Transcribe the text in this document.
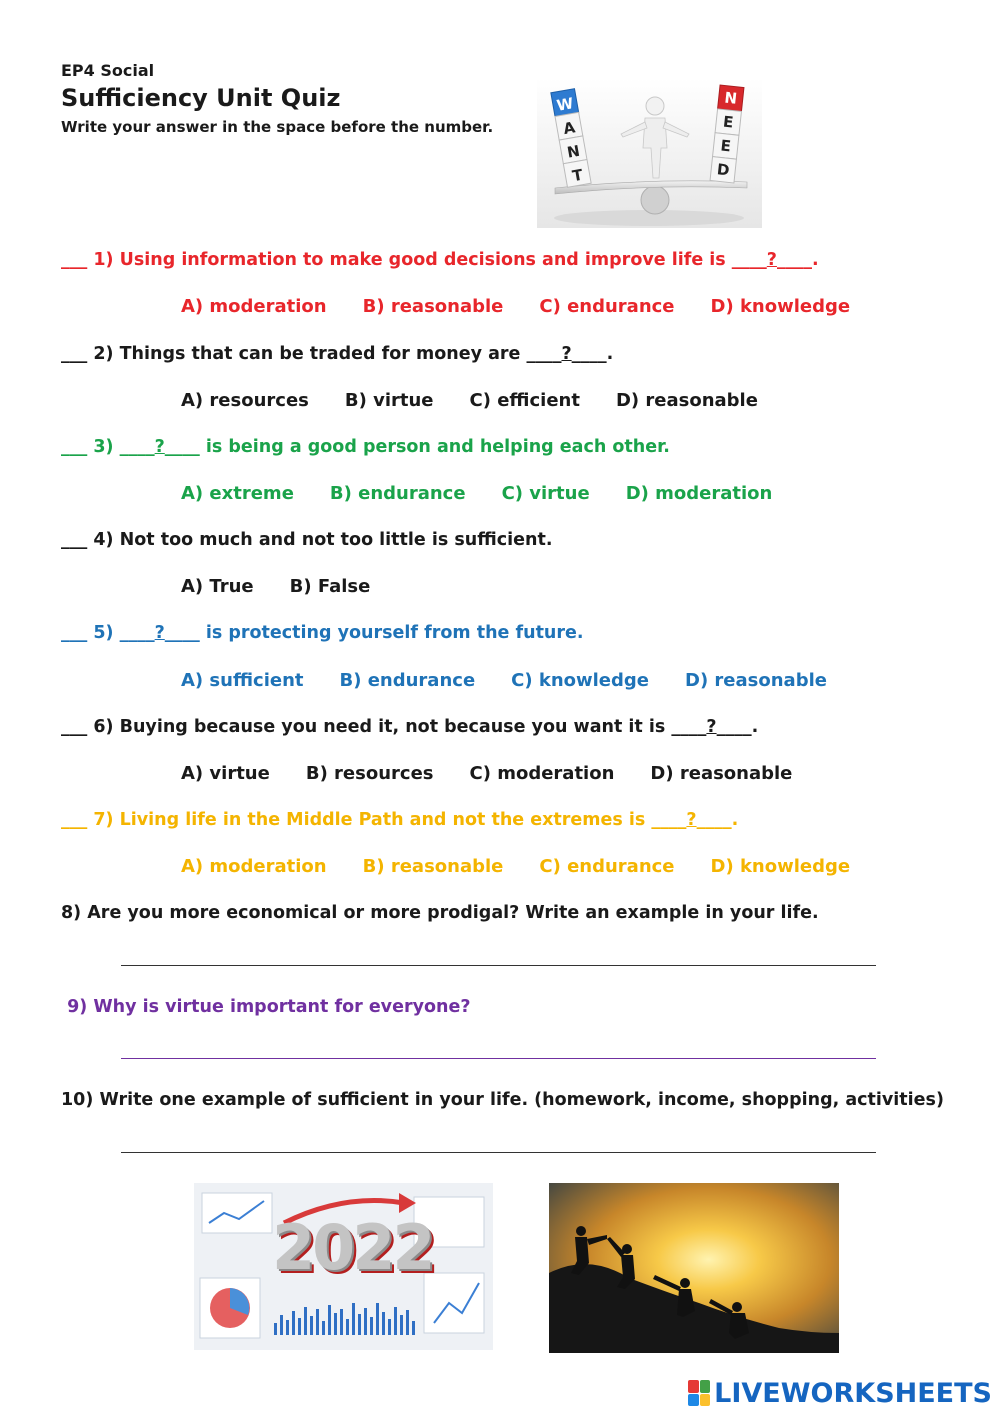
EP4 Social
Sufficiency Unit Quiz
Write your answer in the space before the number.
W
A
N
T
N
E
E
D
___ 1) Using information to make good decisions and improve life is ____?____.
A) moderation B) reasonable C) endurance D) knowledge
___ 2) Things that can be traded for money are ____?____.
A) resources B) virtue C) efficient D) reasonable
___ 3) ____?____ is being a good person and helping each other.
A) extreme B) endurance C) virtue D) moderation
___ 4) Not too much and not too little is sufficient.
A) True B) False
___ 5) ____?____ is protecting yourself from the future.
A) sufficient B) endurance C) knowledge D) reasonable
___ 6) Buying because you need it, not because you want it is ____?____.
A) virtue B) resources C) moderation D) reasonable
___ 7) Living life in the Middle Path and not the extremes is ____?____.
A) moderation B) reasonable C) endurance D) knowledge
8) Are you more economical or more prodigal? Write an example in your life.
9) Why is virtue important for everyone?
10) Write one example of sufficient in your life. (homework, income, shopping, activities)
2022
LIVEWORKSHEETS
